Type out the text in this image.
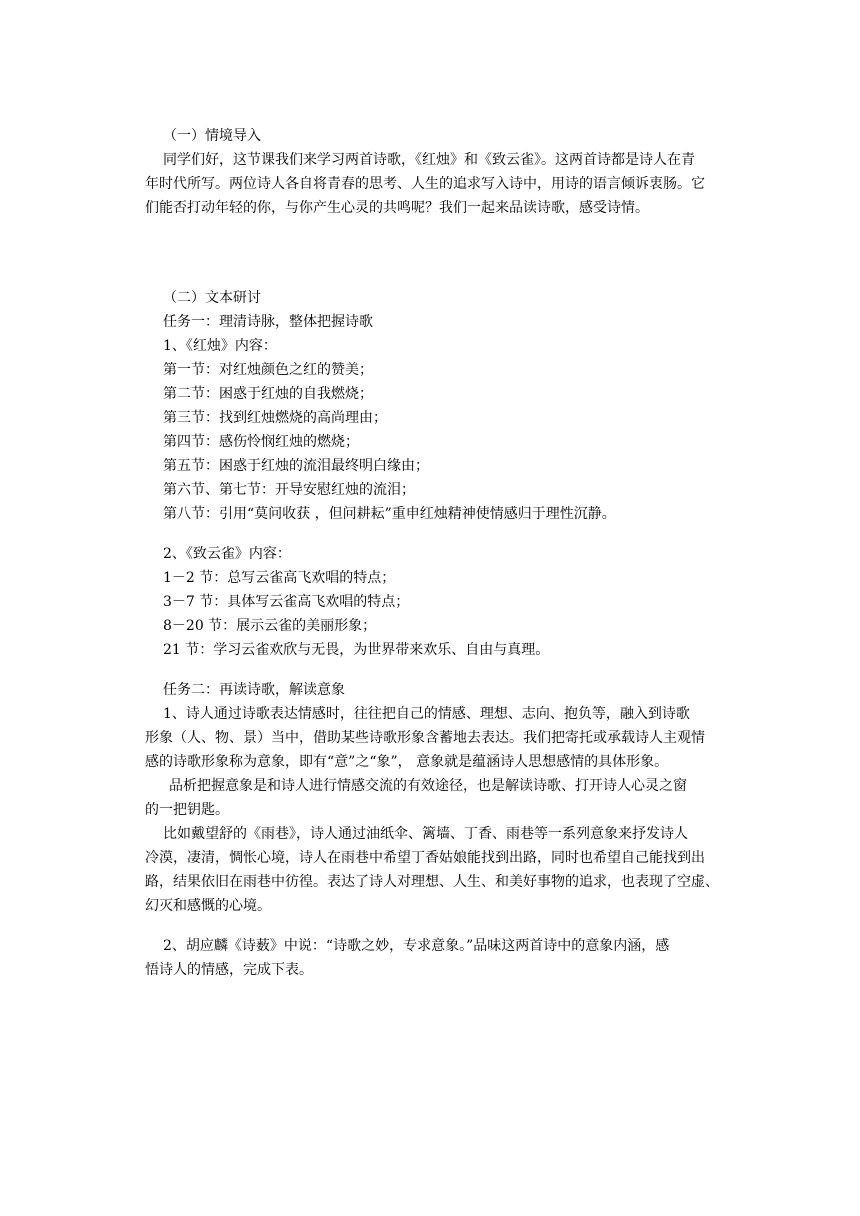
（一）情境导入
同学们好，这节课我们来学习两首诗歌，《红烛》和《致云雀》。这两首诗都是诗人在青
年时代所写。两位诗人各自将青春的思考、人生的追求写入诗中，用诗的语言倾诉衷肠。它
们能否打动年轻的你，与你产生心灵的共鸣呢？我们一起来品读诗歌，感受诗情。
（二）文本研讨
任务一：理清诗脉，整体把握诗歌
1、《红烛》内容：
第一节：对红烛颜色之红的赞美；
第二节：困惑于红烛的自我燃烧；
第三节：找到红烛燃烧的高尚理由；
第四节：感伤怜悯红烛的燃烧；
第五节：困惑于红烛的流泪最终明白缘由；
第六节、第七节：开导安慰红烛的流泪；
第八节：引用“莫问收获 ，但问耕耘”重申红烛精神使情感归于理性沉静。
2、《致云雀》内容：
1－2 节：总写云雀高飞欢唱的特点；
3－7 节：具体写云雀高飞欢唱的特点；
8－20 节：展示云雀的美丽形象；
21 节：学习云雀欢欣与无畏，为世界带来欢乐、自由与真理。
任务二：再读诗歌，解读意象
1、诗人通过诗歌表达情感时，往往把自己的情感、理想、志向、抱负等，融入到诗歌
形象（人、物、景）当中，借助某些诗歌形象含蓄地去表达。我们把寄托或承载诗人主观情
感的诗歌形象称为意象，即有“意”之“象”， 意象就是蕴涵诗人思想感情的具体形象。
品析把握意象是和诗人进行情感交流的有效途径，也是解读诗歌、打开诗人心灵之窗
的一把钥匙。
比如戴望舒的《雨巷》，诗人通过油纸伞、篱墙、丁香、雨巷等一系列意象来抒发诗人
冷漠，凄清，惆怅心境，诗人在雨巷中希望丁香姑娘能找到出路，同时也希望自己能找到出
路，结果依旧在雨巷中彷徨。表达了诗人对理想、人生、和美好事物的追求，也表现了空虚、
幻灭和感慨的心境。
2、胡应麟《诗薮》中说：“诗歌之妙，专求意象。”品味这两首诗中的意象内涵，感
悟诗人的情感，完成下表。
